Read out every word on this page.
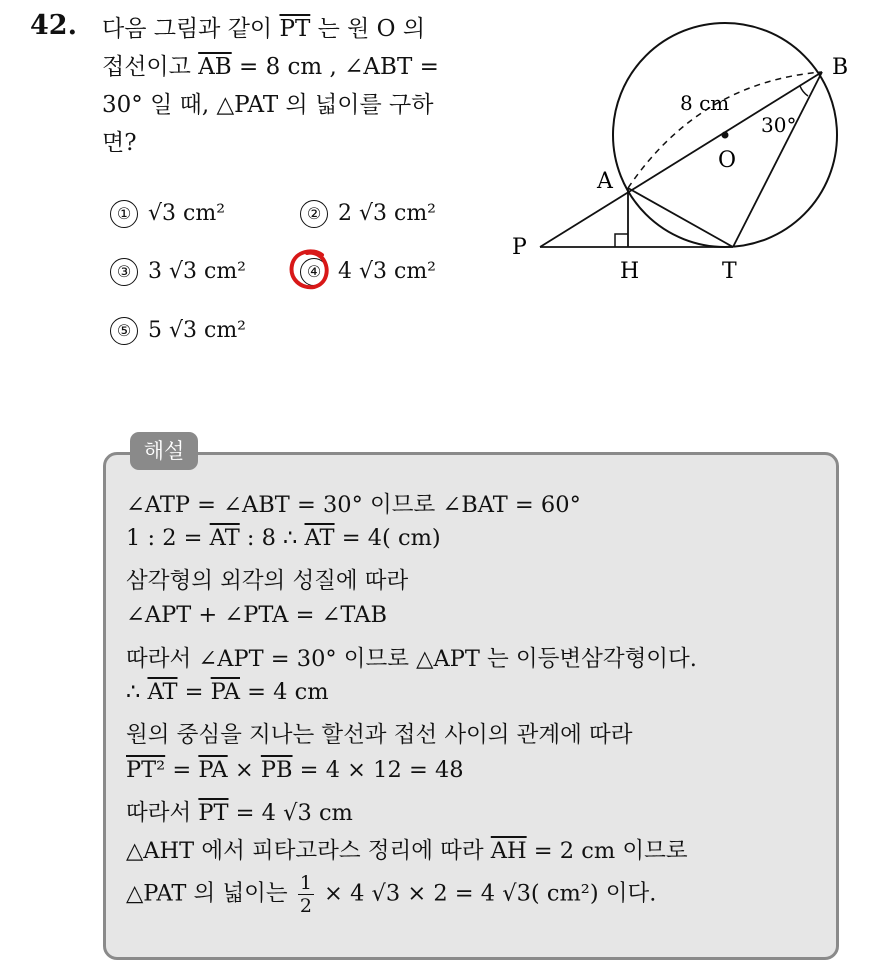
42. 다음 그림과 같이 $\overline{PT}$ 는 원 O 의
접선이고 $\overline{AB} = 8$ cm , ∠ABT =
30° 일 때, △PAT 의 넓이를 구하
면?
① √3 cm²	② 2 √3 cm²
③ 3 √3 cm²	④ 4 √3 cm²
⑤ 5 √3 cm²
P
A
H	T
O
B
8 cm
30°
해설
∠ATP = ∠ABT = 30° 이므로 ∠BAT = 60°
1 : $2 = \overline{AT}$ : 8 ∴ $\overline{AT} = 4$( cm)
삼각형의 외각의 성질에 따라
∠APT + ∠PTA = ∠TAB
따라서 ∠APT = 30° 이므로 △APT 는 이등변삼각형이다.
∴ $\overline{AT} = \overline{PA} = 4$ cm
원의 중심을 지나는 할선과 접선 사이의 관계에 따라
$PT^2 = \overline{PA} \times \overline{PB} = 4 \times 12 = 48$
따라서 $\overline{PT} = 4$ √3 cm
△AHT 에서 피타고라스 정리에 따라 $\overline{AH} = 2$ cm 이므로
△PAT 의 넓이는 $\frac{1}{2} \times 4$ √3 × 2 = 4 √3( cm²) 이다.
